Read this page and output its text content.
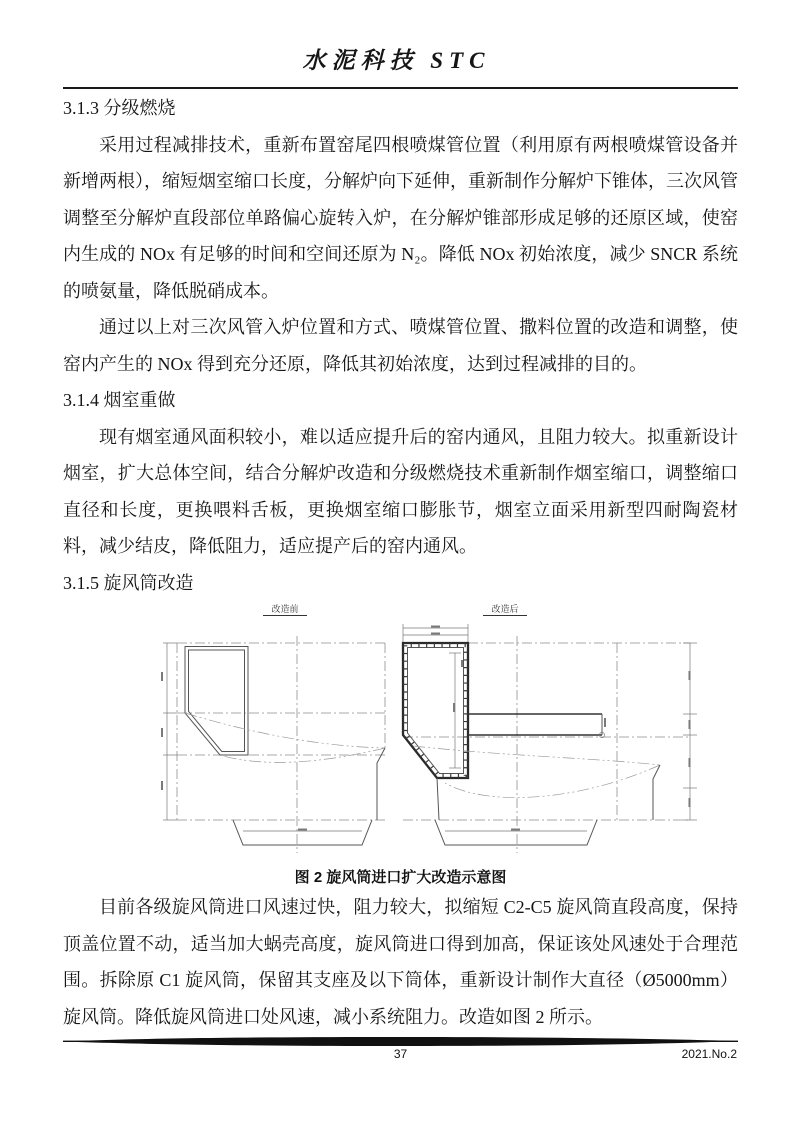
水泥科技 STC
3.1.3 分级燃烧

采用过程减排技术，重新布置窑尾四根喷煤管位置（利用原有两根喷煤管设备并新增两根），缩短烟室缩口长度，分解炉向下延伸，重新制作分解炉下锥体，三次风管调整至分解炉直段部位单路偏心旋转入炉，在分解炉锥部形成足够的还原区域，使窑内生成的 NOx 有足够的时间和空间还原为 N₂。降低 NOx 初始浓度，减少 SNCR 系统的喷氨量，降低脱硝成本。

通过以上对三次风管入炉位置和方式、喷煤管位置、撒料位置的改造和调整，使窑内产生的 NOx 得到充分还原，降低其初始浓度，达到过程减排的目的。

3.1.4 烟室重做

现有烟室通风面积较小，难以适应提升后的窑内通风，且阻力较大。拟重新设计烟室，扩大总体空间，结合分解炉改造和分级燃烧技术重新制作烟室缩口，调整缩口直径和长度，更换喂料舌板，更换烟室缩口膨胀节，烟室立面采用新型四耐陶瓷材料，减少结皮，降低阻力，适应提产后的窑内通风。

3.1.5 旋风筒改造
改造前	改造后
图 2 旋风筒进口扩大改造示意图

目前各级旋风筒进口风速过快，阻力较大，拟缩短 C2-C5 旋风筒直段高度，保持顶盖位置不动，适当加大蜗壳高度，旋风筒进口得到加高，保证该处风速处于合理范围。拆除原 C1 旋风筒，保留其支座及以下筒体，重新设计制作大直径（Ø5000mm）旋风筒。降低旋风筒进口处风速，减小系统阻力。改造如图 2 所示。

37	2021.No.2
